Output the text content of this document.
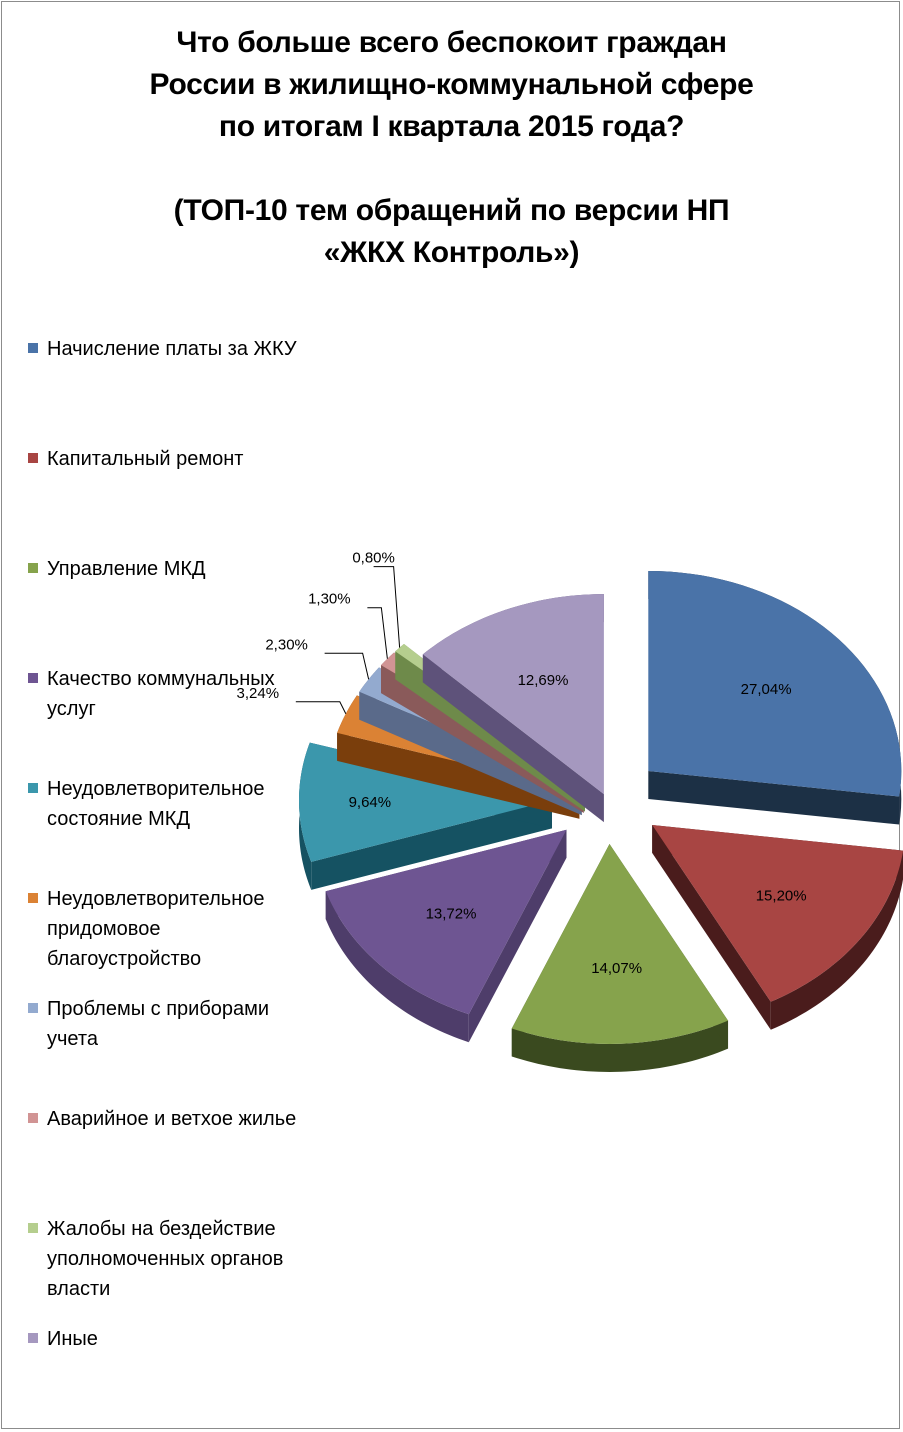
Что больше всего беспокоит граждан
России в жилищно-коммунальной сфере
по итогам I квартала 2015 года?
(ТОП-10 тем обращений по версии НП
«ЖКХ Контроль»)
Начисление платы за ЖКУ
Капитальный ремонт
Управление МКД
Качество коммунальных услуг
Неудовлетворительное состояние МКД
Неудовлетворительное придомовое благоустройство
Проблемы с приборами учета
Аварийное и ветхое жилье
Жалобы на бездействие уполномоченных органов власти
Иные
27,04%
15,20%
14,07%
13,72%
9,64%
3,24%
2,30%
1,30%
0,80%
12,69%
